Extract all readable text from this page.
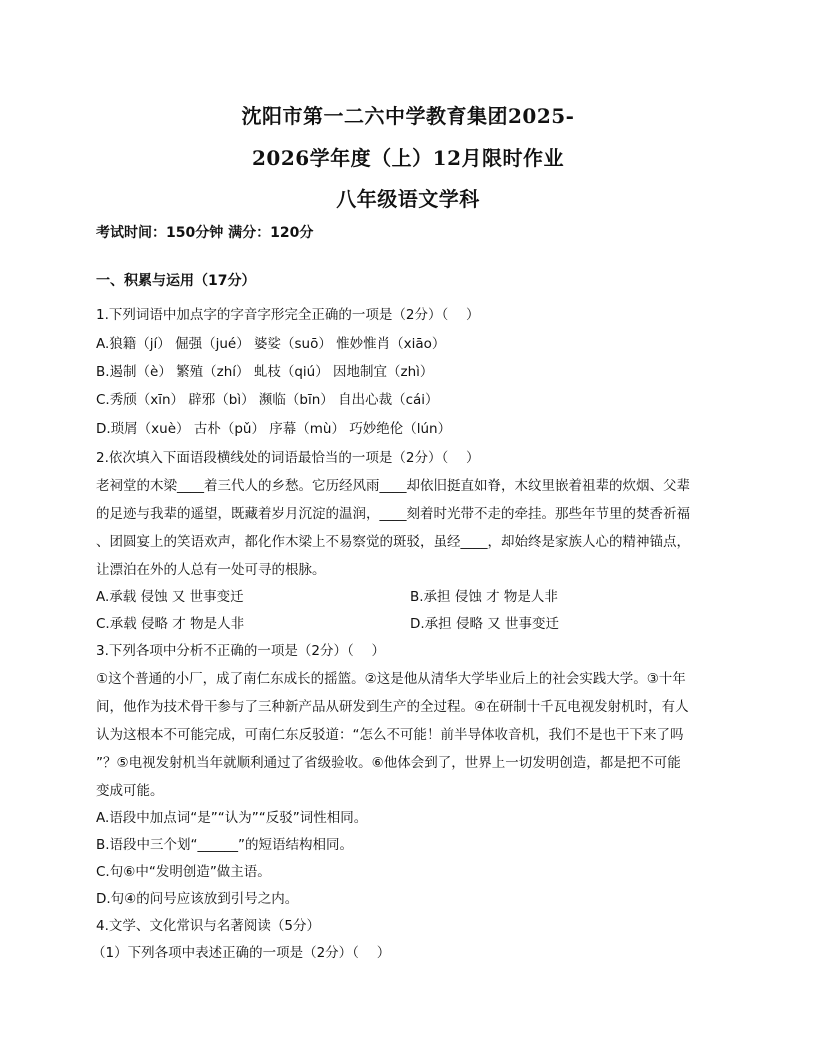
沈阳市第一二六中学教育集团2025-
2026学年度（上）12月限时作业
八年级语文学科
考试时间：150分钟 满分：120分
一、积累与运用（17分）
1.下列词语中加点字的字音字形完全正确的一项是（2分）（　 ）
A.狼籍（jí） 倔强（jué） 婆娑（suō） 惟妙惟肖（xiāo）
B.遏制（è） 繁殖（zhí） 虬枝（qiú） 因地制宜（zhì）
C.秀颀（xīn） 辟邪（bì） 濒临（bīn） 自出心裁（cái）
D.琐屑（xuè） 古朴（pǔ） 序幕（mù） 巧妙绝伦（lún）
2.依次填入下面语段横线处的词语最恰当的一项是（2分）（　 ）
老祠堂的木梁____着三代人的乡愁。它历经风雨____却依旧挺直如脊，木纹里嵌着祖辈的炊烟、父辈
的足迹与我辈的遥望，既藏着岁月沉淀的温润，____刻着时光带不走的牵挂。那些年节里的焚香祈福
、团圆宴上的笑语欢声，都化作木梁上不易察觉的斑驳，虽经____，却始终是家族人心的精神锚点，
让漂泊在外的人总有一处可寻的根脉。
A.承载 侵蚀 又 世事变迁	B.承担 侵蚀 才 物是人非
C.承载 侵略 才 物是人非	D.承担 侵略 又 世事变迁
3.下列各项中分析不正确的一项是（2分）（　 ）
①这个普通的小厂，成了南仁东成长的摇篮。②这是他从清华大学毕业后上的社会实践大学。③十年
间，他作为技术骨干参与了三种新产品从研发到生产的全过程。④在研制十千瓦电视发射机时，有人
认为这根本不可能完成，可南仁东反驳道：“怎么不可能！前半导体收音机，我们不是也干下来了吗
”？⑤电视发射机当年就顺利通过了省级验收。⑥他体会到了，世界上一切发明创造，都是把不可能
变成可能。
A.语段中加点词“是”“认为”“反驳”词性相同。
B.语段中三个划“______”的短语结构相同。
C.句⑥中“发明创造”做主语。
D.句④的问号应该放到引号之内。
4.文学、文化常识与名著阅读（5分）
（1）下列各项中表述正确的一项是（2分）（　 ）
